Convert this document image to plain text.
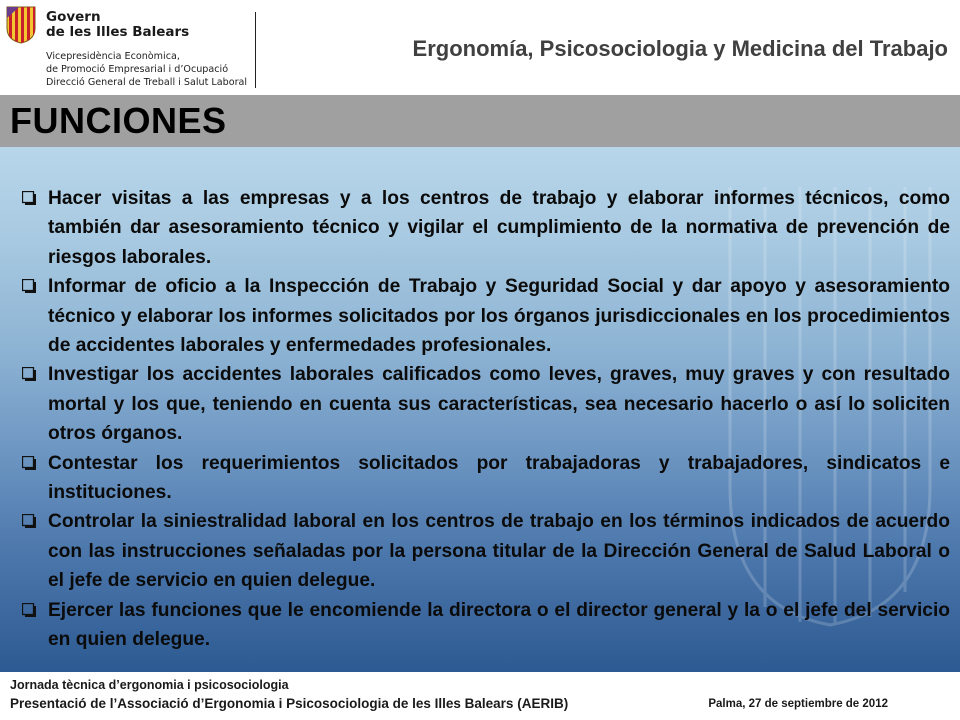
Govern
de les Illes Balears
Vicepresidència Econòmica,
de Promoció Empresarial i d’Ocupació
Direcció General de Treball i Salut Laboral
Ergonomía, Psicosociologia y Medicina del Trabajo
FUNCIONES
Hacer visitas a las empresas y a los centros de trabajo y elaborar informes técnicos, como también dar asesoramiento técnico y vigilar el cumplimiento de la normativa de prevención de riesgos laborales.
Informar de oficio a la Inspección de Trabajo y Seguridad Social y dar apoyo y asesoramiento técnico y elaborar los informes solicitados por los órganos jurisdiccionales en los procedimientos de accidentes laborales y enfermedades profesionales.
Investigar los accidentes laborales calificados como leves, graves, muy graves y con resultado mortal y los que, teniendo en cuenta sus características, sea necesario hacerlo o así lo soliciten otros órganos.
Contestar los requerimientos solicitados por trabajadoras y trabajadores, sindicatos e instituciones.
Controlar la siniestralidad laboral en los centros de trabajo en los términos indicados de acuerdo con las instrucciones señaladas por la persona titular de la Dirección General de Salud Laboral o el jefe de servicio en quien delegue.
Ejercer las funciones que le encomiende la directora o el director general y la o el jefe del servicio en quien delegue.
Jornada tècnica d’ergonomia i psicosociologia
Presentació de l’Associació d’Ergonomia i Psicosociologia de les Illes Balears (AERIB)	Palma, 27 de septiembre de 2012
